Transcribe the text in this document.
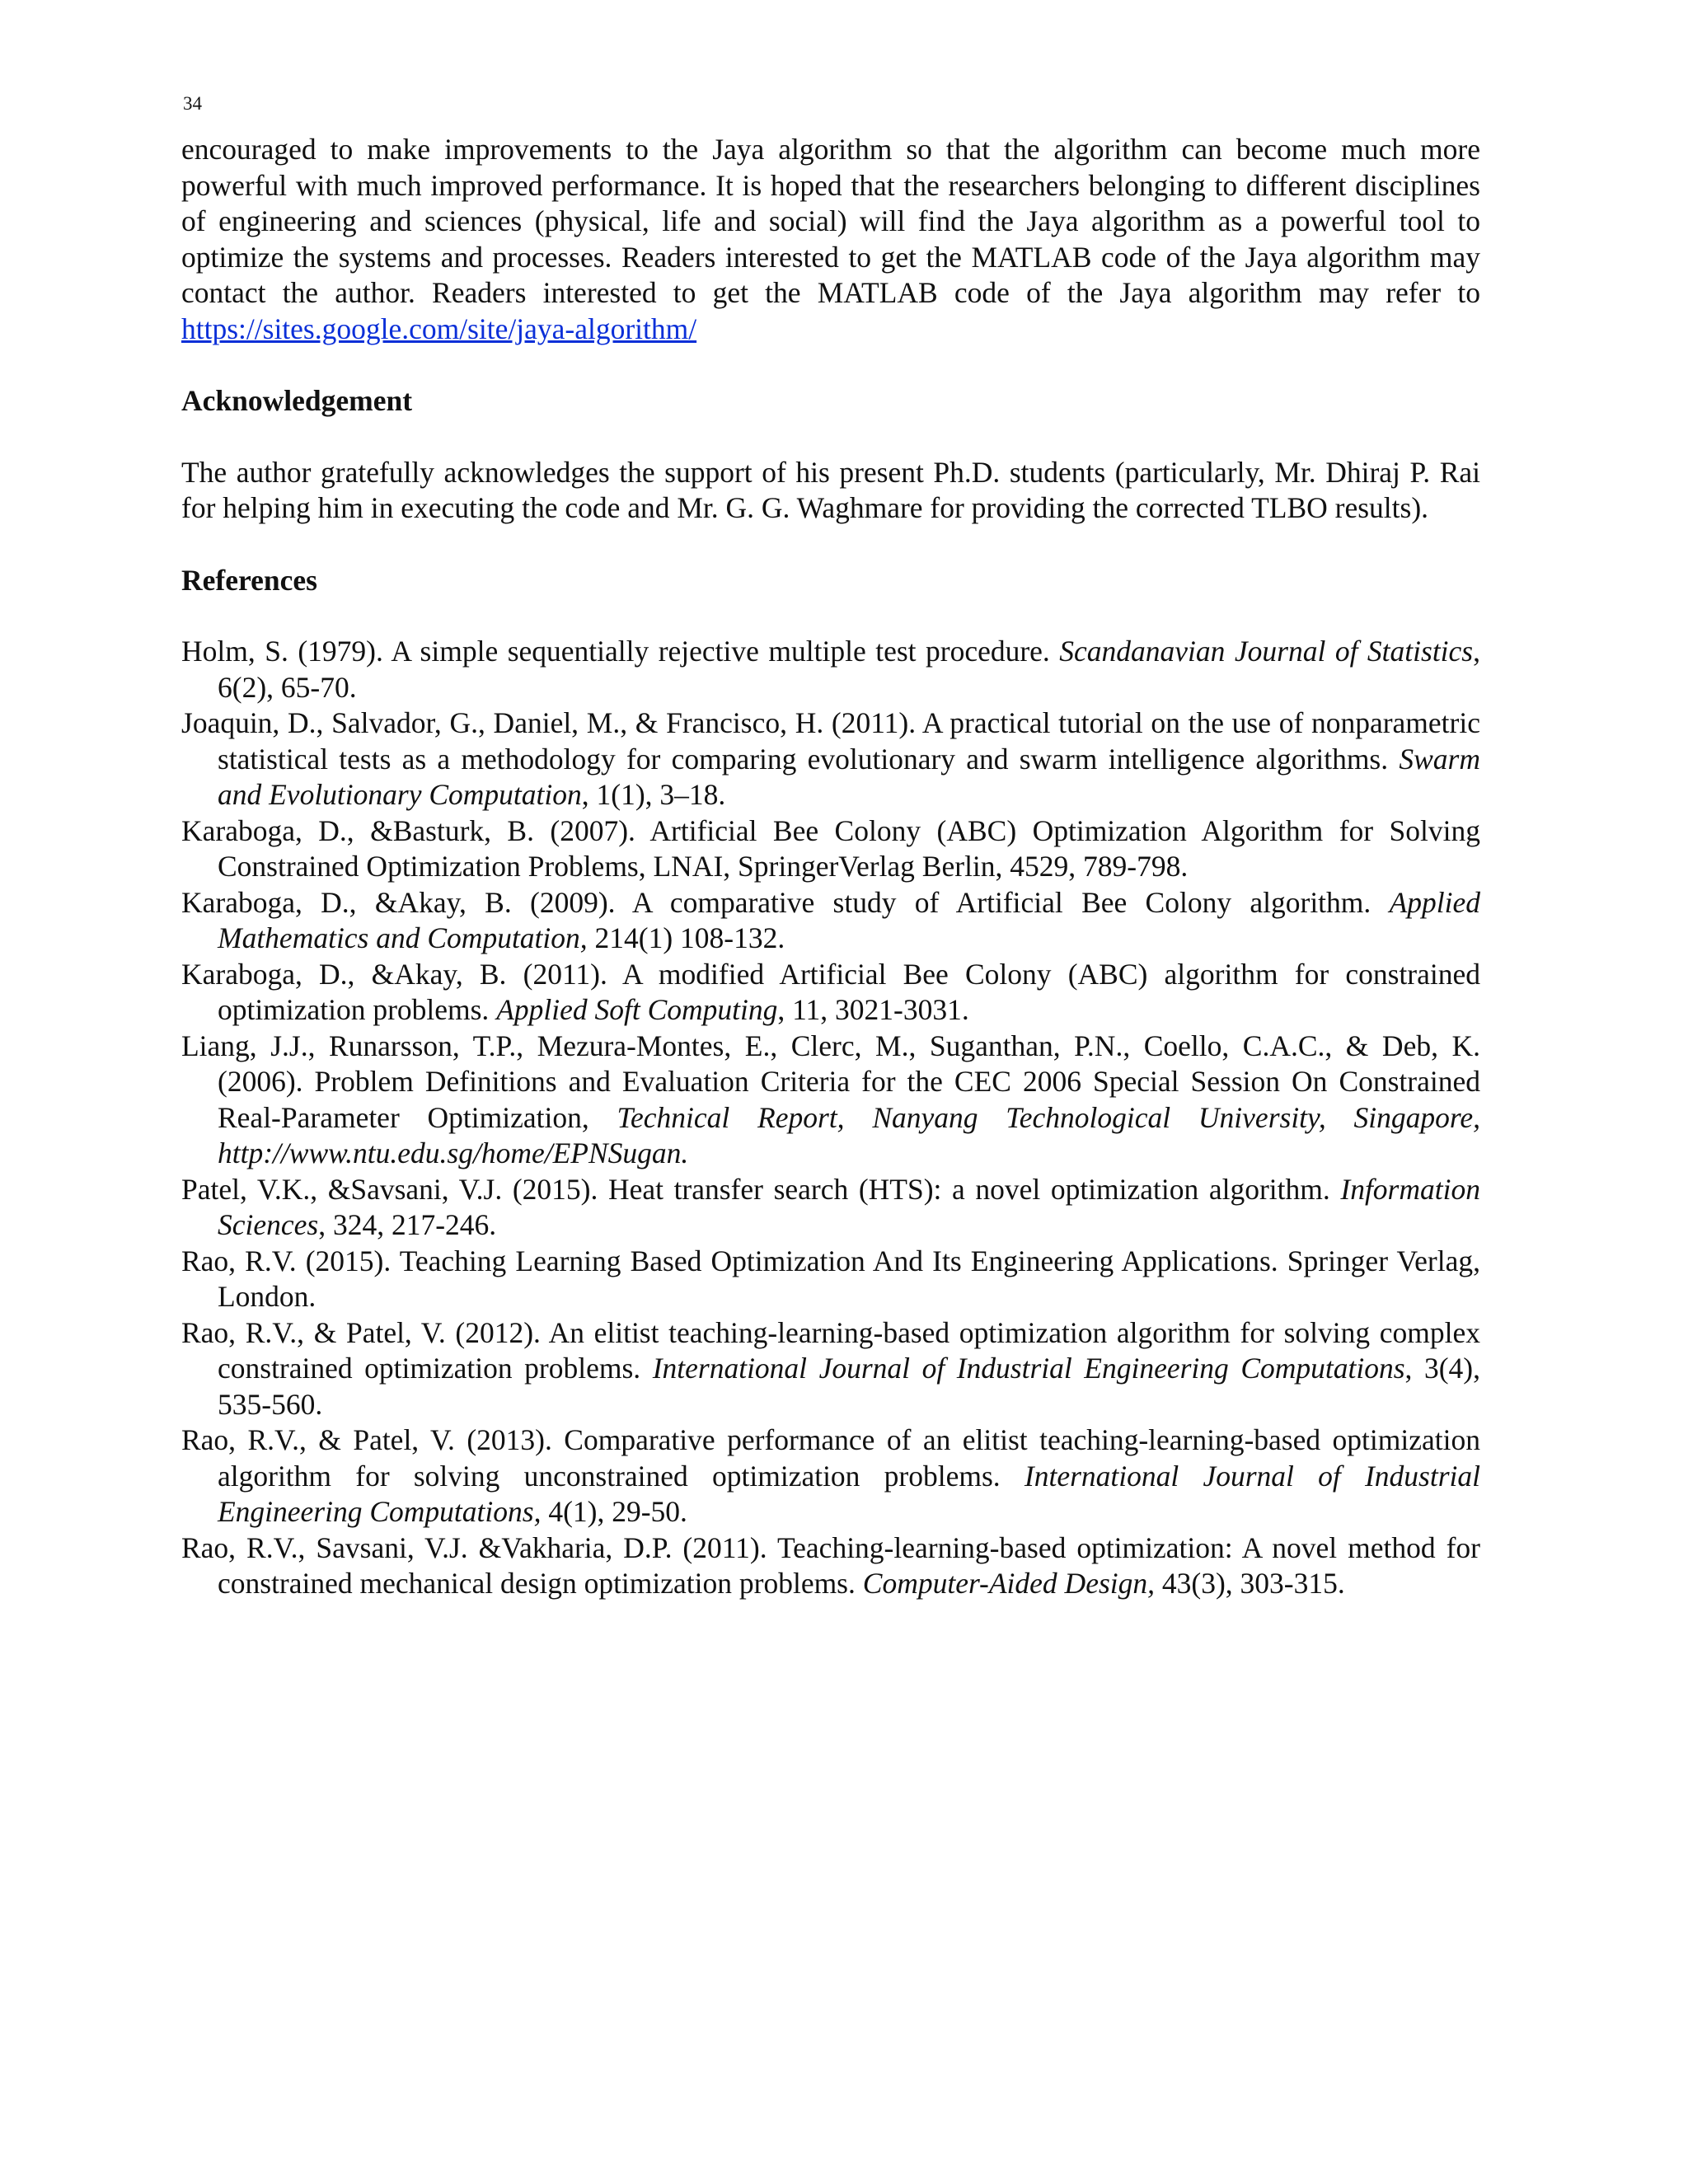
34

encouraged to make improvements to the Jaya algorithm so that the algorithm can become much more powerful with much improved performance. It is hoped that the researchers belonging to different disciplines of engineering and sciences (physical, life and social) will find the Jaya algorithm as a powerful tool to optimize the systems and processes. Readers interested to get the MATLAB code of the Jaya algorithm may contact the author. Readers interested to get the MATLAB code of the Jaya algorithm may refer to https://sites.google.com/site/jaya-algorithm/

Acknowledgement

The author gratefully acknowledges the support of his present Ph.D. students (particularly, Mr. Dhiraj P. Rai for helping him in executing the code and Mr. G. G. Waghmare for providing the corrected TLBO results).

References

Holm, S. (1979). A simple sequentially rejective multiple test procedure. Scandanavian Journal of Statistics, 6(2), 65-70.

Joaquin, D., Salvador, G., Daniel, M., & Francisco, H. (2011). A practical tutorial on the use of nonparametric statistical tests as a methodology for comparing evolutionary and swarm intelligence algorithms. Swarm and Evolutionary Computation, 1(1), 3–18.

Karaboga, D., &Basturk, B. (2007). Artificial Bee Colony (ABC) Optimization Algorithm for Solving Constrained Optimization Problems, LNAI, SpringerVerlag Berlin, 4529, 789-798.

Karaboga, D., &Akay, B. (2009). A comparative study of Artificial Bee Colony algorithm. Applied Mathematics and Computation, 214(1) 108-132.

Karaboga, D., &Akay, B. (2011). A modified Artificial Bee Colony (ABC) algorithm for constrained optimization problems. Applied Soft Computing, 11, 3021-3031.

Liang, J.J., Runarsson, T.P., Mezura-Montes, E., Clerc, M., Suganthan, P.N., Coello, C.A.C., & Deb, K. (2006). Problem Definitions and Evaluation Criteria for the CEC 2006 Special Session On Constrained Real-Parameter Optimization, Technical Report, Nanyang Technological University, Singapore, http://www.ntu.edu.sg/home/EPNSugan.

Patel, V.K., &Savsani, V.J. (2015). Heat transfer search (HTS): a novel optimization algorithm. Information Sciences, 324, 217-246.

Rao, R.V. (2015). Teaching Learning Based Optimization And Its Engineering Applications. Springer Verlag, London.

Rao, R.V., & Patel, V. (2012). An elitist teaching-learning-based optimization algorithm for solving complex constrained optimization problems. International Journal of Industrial Engineering Computations, 3(4), 535-560.

Rao, R.V., & Patel, V. (2013). Comparative performance of an elitist teaching-learning-based optimization algorithm for solving unconstrained optimization problems. International Journal of Industrial Engineering Computations, 4(1), 29-50.

Rao, R.V., Savsani, V.J. &Vakharia, D.P. (2011). Teaching-learning-based optimization: A novel method for constrained mechanical design optimization problems. Computer-Aided Design, 43(3), 303-315.
